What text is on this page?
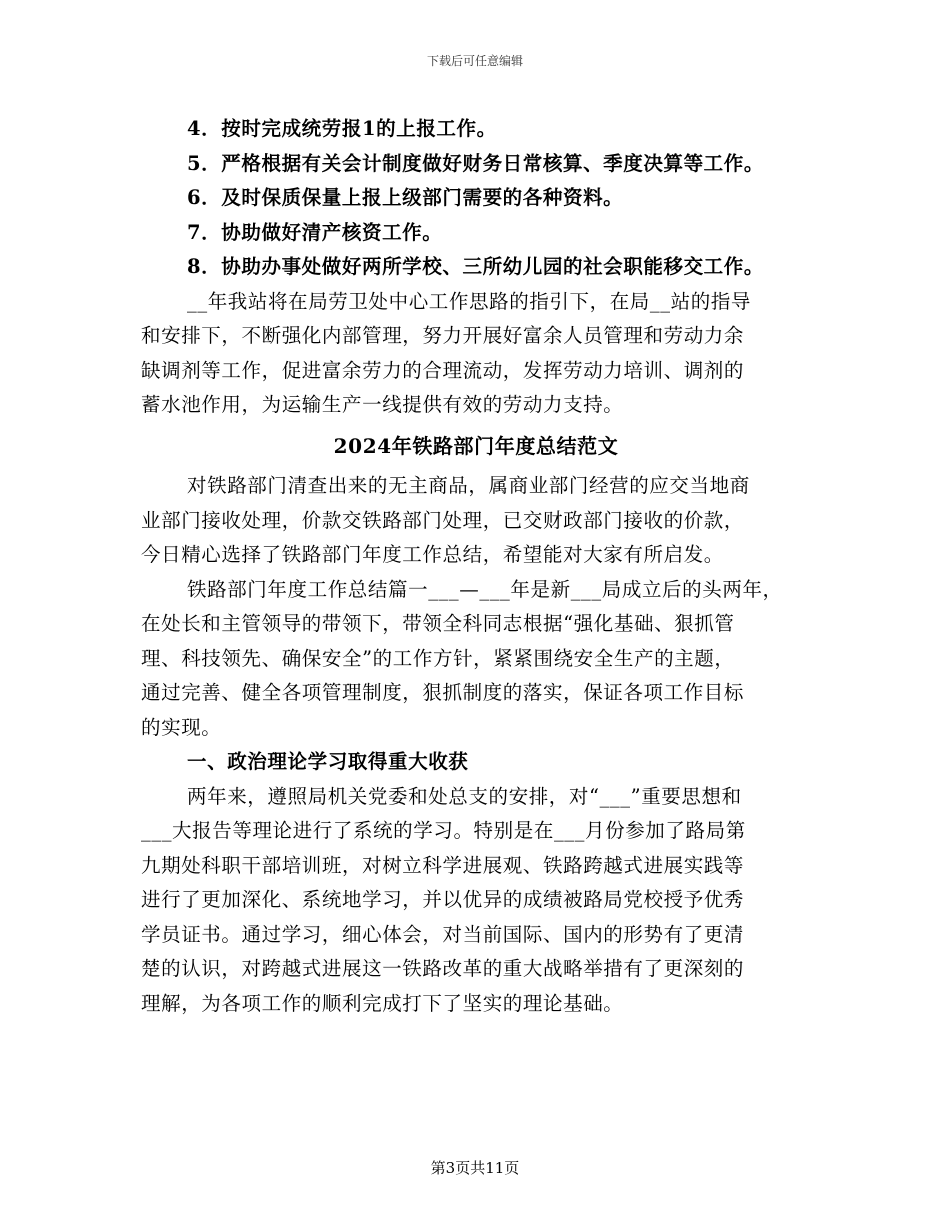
下载后可任意编辑
4．按时完成统劳报1的上报工作。
5．严格根据有关会计制度做好财务日常核算、季度决算等工作。
6．及时保质保量上报上级部门需要的各种资料。
7．协助做好清产核资工作。
8．协助办事处做好两所学校、三所幼儿园的社会职能移交工作。
__年我站将在局劳卫处中心工作思路的指引下，在局__站的指导
和安排下，不断强化内部管理，努力开展好富余人员管理和劳动力余
缺调剂等工作，促进富余劳力的合理流动，发挥劳动力培训、调剂的
蓄水池作用，为运输生产一线提供有效的劳动力支持。
2024年铁路部门年度总结范文
对铁路部门清查出来的无主商品，属商业部门经营的应交当地商
业部门接收处理，价款交铁路部门处理，已交财政部门接收的价款，
今日精心选择了铁路部门年度工作总结，希望能对大家有所启发。
铁路部门年度工作总结篇一___—___年是新___局成立后的头两年，
在处长和主管领导的带领下，带领全科同志根据“强化基础、狠抓管
理、科技领先、确保安全”的工作方针，紧紧围绕安全生产的主题，
通过完善、健全各项管理制度，狠抓制度的落实，保证各项工作目标
的实现。
一、政治理论学习取得重大收获
两年来，遵照局机关党委和处总支的安排，对“___”重要思想和
___大报告等理论进行了系统的学习。特别是在___月份参加了路局第
九期处科职干部培训班，对树立科学进展观、铁路跨越式进展实践等
进行了更加深化、系统地学习，并以优异的成绩被路局党校授予优秀
学员证书。通过学习，细心体会，对当前国际、国内的形势有了更清
楚的认识，对跨越式进展这一铁路改革的重大战略举措有了更深刻的
理解，为各项工作的顺利完成打下了坚实的理论基础。
第3页共11页
